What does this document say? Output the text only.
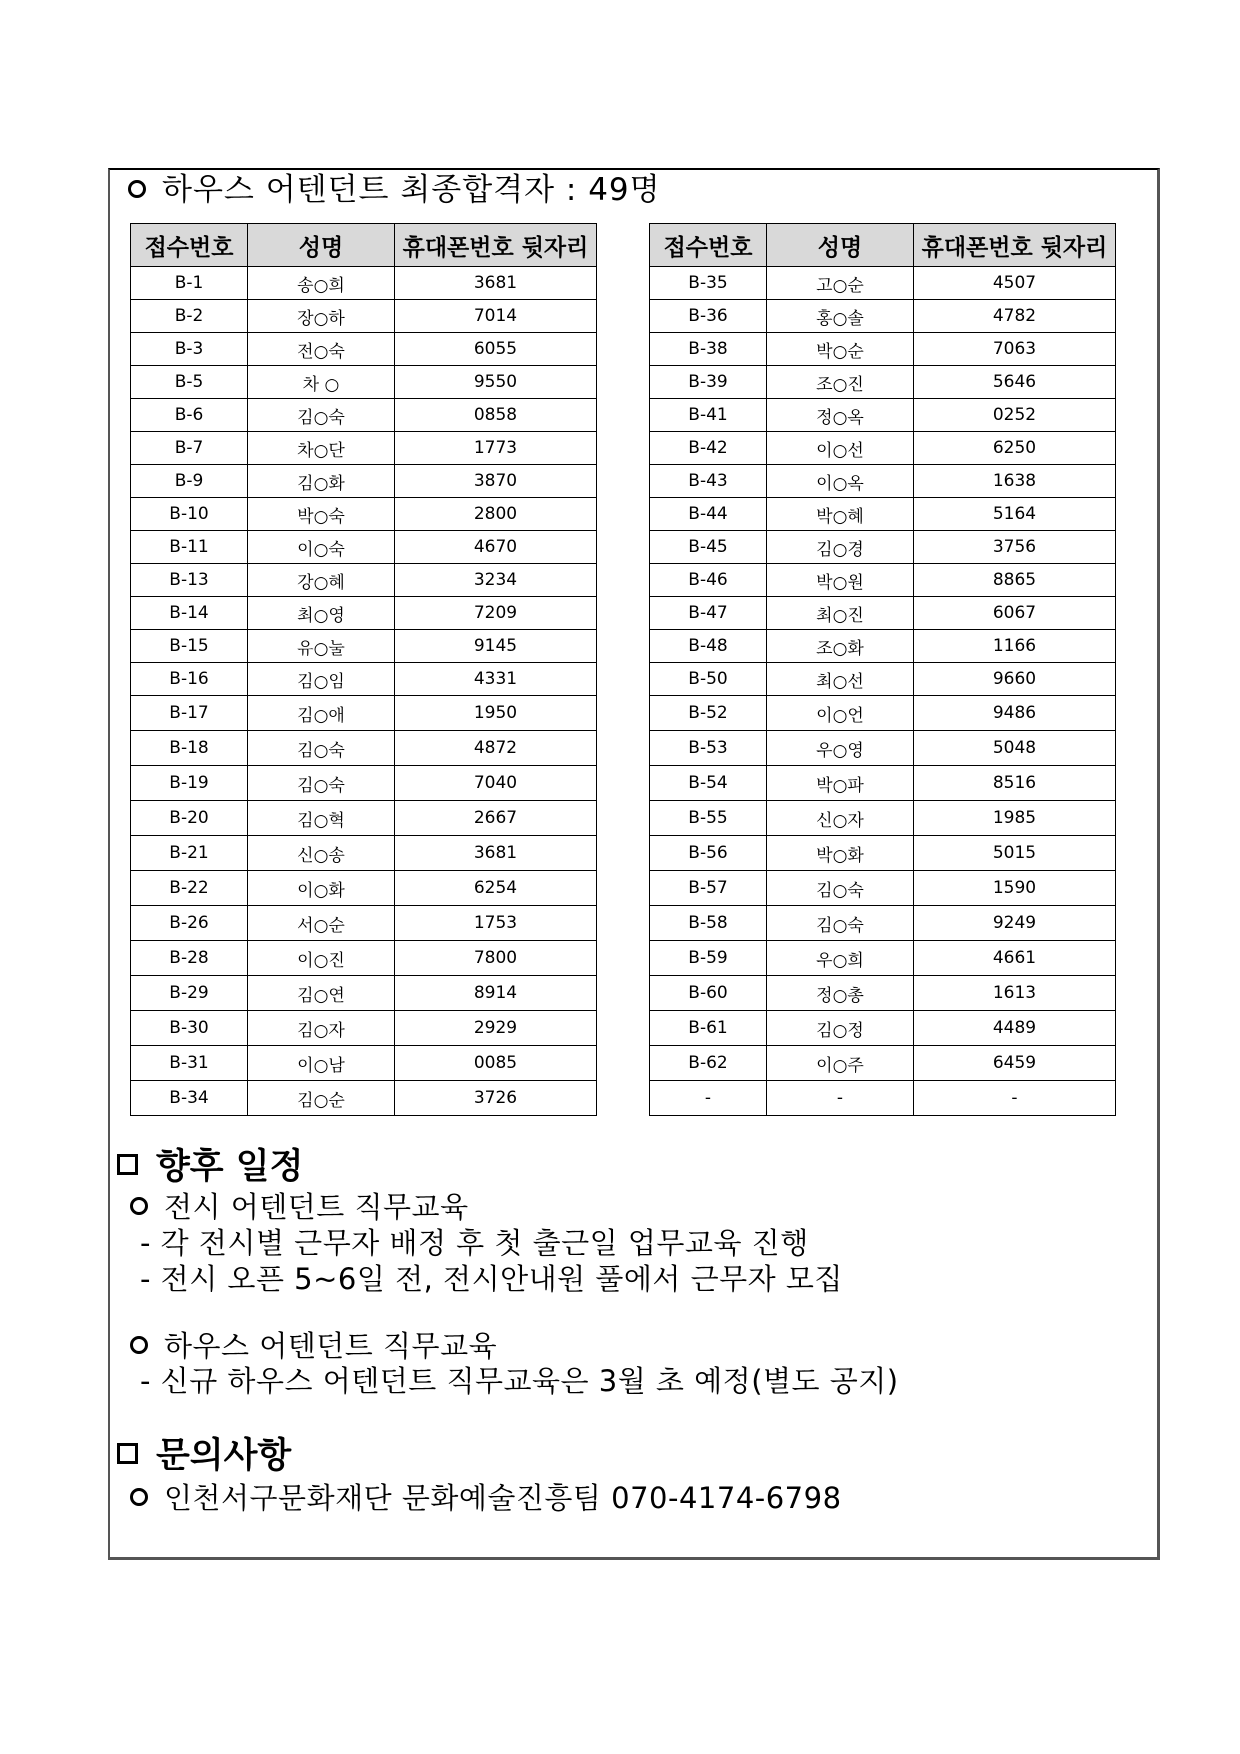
하우스 어텐던트 최종합격자 : 49명
접수번호	성명	휴대폰번호 뒷자리
B-1	송○희	3681
B-2	장○하	7014
B-3	전○숙	6055
B-5	차 ○	9550
B-6	김○숙	0858
B-7	차○단	1773
B-9	김○화	3870
B-10	박○숙	2800
B-11	이○숙	4670
B-13	강○혜	3234
B-14	최○영	7209
B-15	유○눌	9145
B-16	김○임	4331
B-17	김○애	1950
B-18	김○숙	4872
B-19	김○숙	7040
B-20	김○혁	2667
B-21	신○송	3681
B-22	이○화	6254
B-26	서○순	1753
B-28	이○진	7800
B-29	김○연	8914
B-30	김○자	2929
B-31	이○남	0085
B-34	김○순	3726
접수번호	성명	휴대폰번호 뒷자리
B-35	고○순	4507
B-36	홍○솔	4782
B-38	박○순	7063
B-39	조○진	5646
B-41	정○옥	0252
B-42	이○선	6250
B-43	이○옥	1638
B-44	박○혜	5164
B-45	김○경	3756
B-46	박○원	8865
B-47	최○진	6067
B-48	조○화	1166
B-50	최○선	9660
B-52	이○언	9486
B-53	우○영	5048
B-54	박○파	8516
B-55	신○자	1985
B-56	박○화	5015
B-57	김○숙	1590
B-58	김○숙	9249
B-59	우○희	4661
B-60	정○총	1613
B-61	김○정	4489
B-62	이○주	6459
-	-	-
향후 일정
전시 어텐던트 직무교육
- 각 전시별 근무자 배정 후 첫 출근일 업무교육 진행
- 전시 오픈 5~6일 전, 전시안내원 풀에서 근무자 모집
하우스 어텐던트 직무교육
- 신규 하우스 어텐던트 직무교육은 3월 초 예정(별도 공지)
문의사항
인천서구문화재단 문화예술진흥팀 070-4174-6798
